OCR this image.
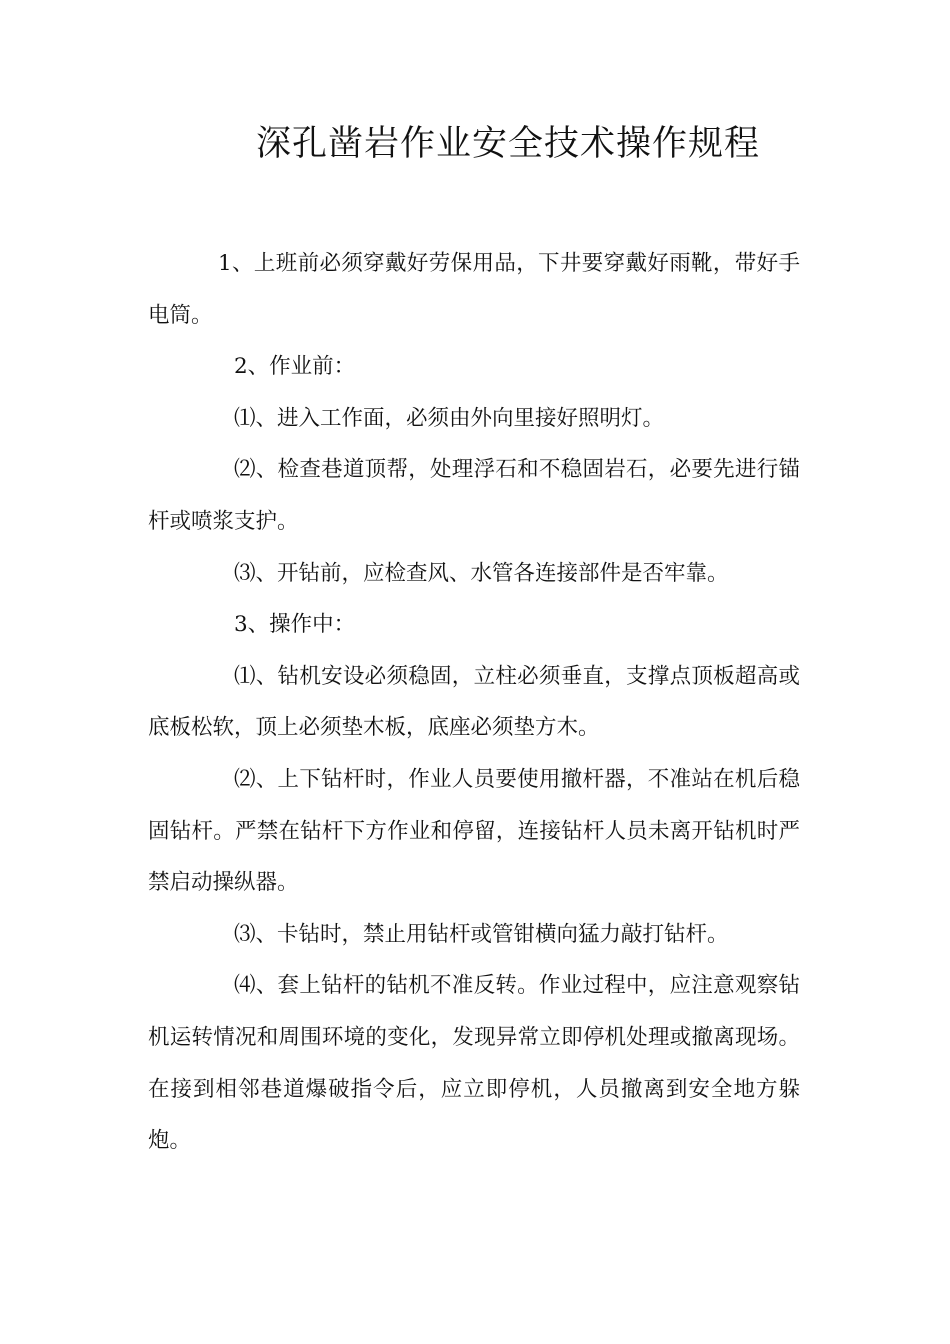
深孔凿岩作业安全技术操作规程

1、上班前必须穿戴好劳保用品，下井要穿戴好雨靴，带好手电筒。

2、作业前：

⑴、进入工作面，必须由外向里接好照明灯。

⑵、检查巷道顶帮，处理浮石和不稳固岩石，必要先进行锚杆或喷浆支护。

⑶、开钻前，应检查风、水管各连接部件是否牢靠。

3、操作中：

⑴、钻机安设必须稳固，立柱必须垂直，支撑点顶板超高或底板松软，顶上必须垫木板，底座必须垫方木。

⑵、上下钻杆时，作业人员要使用撤杆器，不准站在机后稳固钻杆。严禁在钻杆下方作业和停留，连接钻杆人员未离开钻机时严禁启动操纵器。

⑶、卡钻时，禁止用钻杆或管钳横向猛力敲打钻杆。

⑷、套上钻杆的钻机不准反转。作业过程中，应注意观察钻机运转情况和周围环境的变化，发现异常立即停机处理或撤离现场。在接到相邻巷道爆破指令后，应立即停机，人员撤离到安全地方躲炮。
